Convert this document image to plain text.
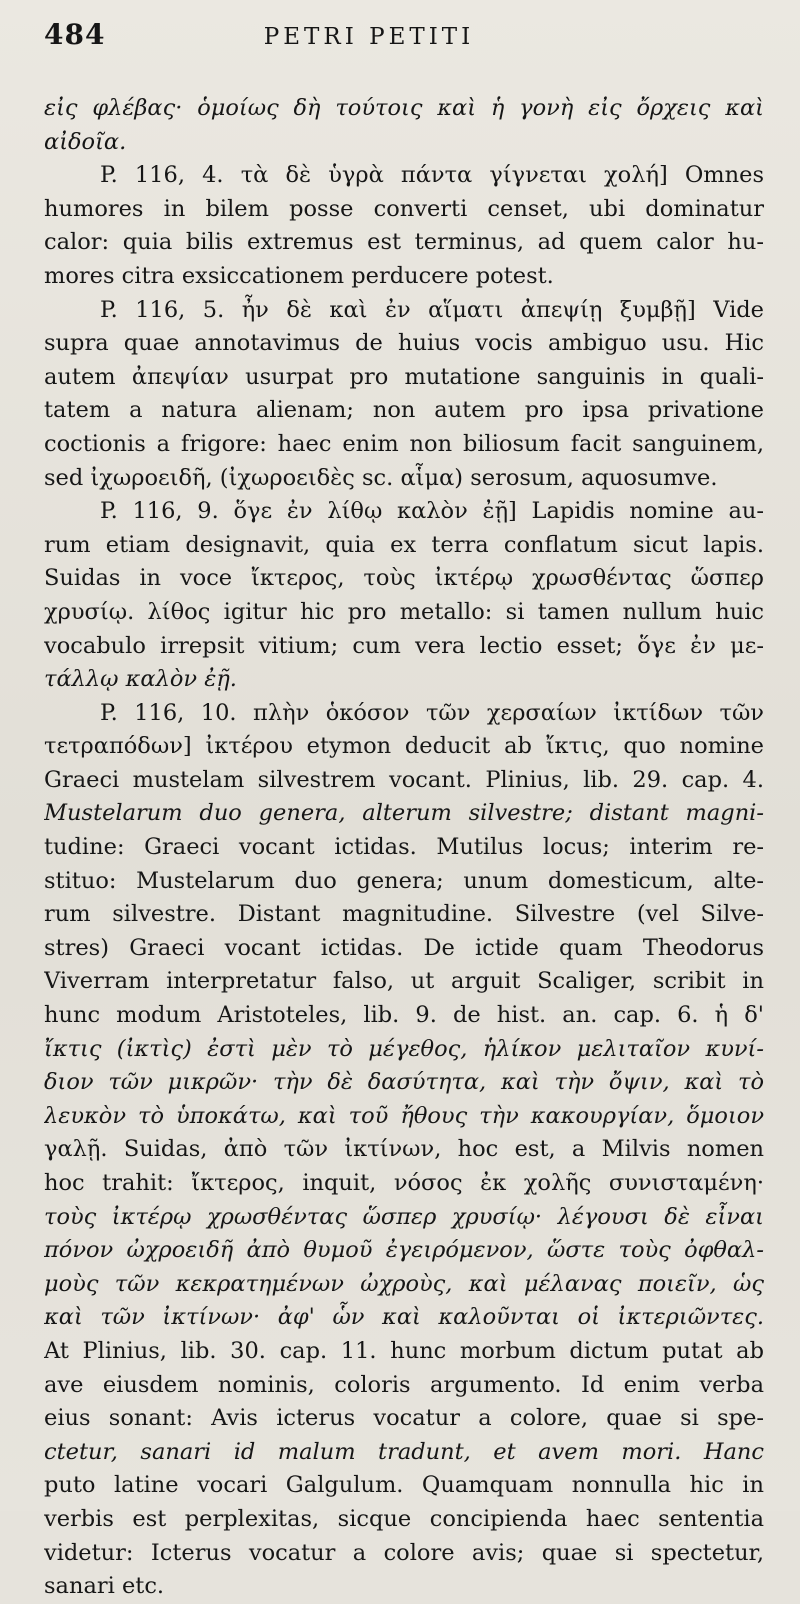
484	PETRI PETITI
εἰς φλέβας· ὁμοίως δὴ τούτοις καὶ ἡ γονὴ εἰς ὄρχεις καὶ
αἰδοῖα.
P. 116, 4. τὰ δὲ ὑγρὰ πάντα γίγνεται χολή] Omnes
humores in bilem posse converti censet, ubi dominatur
calor: quia bilis extremus est terminus, ad quem calor hu-
mores citra exsiccationem perducere potest.
P. 116, 5. ἦν δὲ καὶ ἐν αἵματι ἀπεψίῃ ξυμβῇ] Vide
supra quae annotavimus de huius vocis ambiguo usu. Hic
autem ἀπεψίαν usurpat pro mutatione sanguinis in quali-
tatem a natura alienam; non autem pro ipsa privatione
coctionis a frigore: haec enim non biliosum facit sanguinem,
sed ἰχωροειδῆ, (ἰχωροειδὲς sc. αἷμα) serosum, aquosumve.
P. 116, 9. ὅγε ἐν λίθῳ καλὸν ἐῇ] Lapidis nomine au-
rum etiam designavit, quia ex terra conflatum sicut lapis.
Suidas in voce ἴκτερος, τοὺς ἰκτέρῳ χρωσθέντας ὥσπερ
χρυσίῳ. λίθος igitur hic pro metallo: si tamen nullum huic
vocabulo irrepsit vitium; cum vera lectio esset; ὅγε ἐν με-
τάλλῳ καλὸν ἐῇ.
P. 116, 10. πλὴν ὁκόσον τῶν χερσαίων ἰκτίδων τῶν
τετραπόδων] ἰκτέρου etymon deducit ab ἴκτις, quo nomine
Graeci mustelam silvestrem vocant. Plinius, lib. 29. cap. 4.
Mustelarum duo genera, alterum silvestre; distant magni-
tudine: Graeci vocant ictidas. Mutilus locus; interim re-
stituo: Mustelarum duo genera; unum domesticum, alte-
rum silvestre. Distant magnitudine. Silvestre (vel Silve-
stres) Graeci vocant ictidas. De ictide quam Theodorus
Viverram interpretatur falso, ut arguit Scaliger, scribit in
hunc modum Aristoteles, lib. 9. de hist. an. cap. 6. ἡ δ'
ἴκτις (ἰκτὶς) ἐστὶ μὲν τὸ μέγεθος, ἡλίκον μελιταῖον κυνί-
διον τῶν μικρῶν· τὴν δὲ δασύτητα, καὶ τὴν ὄψιν, καὶ τὸ
λευκὸν τὸ ὑποκάτω, καὶ τοῦ ἤθους τὴν κακουργίαν, ὅμοιον
γαλῇ. Suidas, ἀπὸ τῶν ἰκτίνων, hoc est, a Milvis nomen
hoc trahit: ἴκτερος, inquit, νόσος ἐκ χολῆς συνισταμένη·
τοὺς ἰκτέρῳ χρωσθέντας ὥσπερ χρυσίῳ· λέγουσι δὲ εἶναι
πόνον ὠχροειδῆ ἀπὸ θυμοῦ ἐγειρόμενον, ὥστε τοὺς ὀφθαλ-
μοὺς τῶν κεκρατημένων ὠχροὺς, καὶ μέλανας ποιεῖν, ὡς
καὶ τῶν ἰκτίνων· ἀφ' ὧν καὶ καλοῦνται οἱ ἰκτεριῶντες.
At Plinius, lib. 30. cap. 11. hunc morbum dictum putat ab
ave eiusdem nominis, coloris argumento. Id enim verba
eius sonant: Avis icterus vocatur a colore, quae si spe-
ctetur, sanari id malum tradunt, et avem mori. Hanc
puto latine vocari Galgulum. Quamquam nonnulla hic in
verbis est perplexitas, sicque concipienda haec sententia
videtur: Icterus vocatur a colore avis; quae si spectetur,
sanari etc.
